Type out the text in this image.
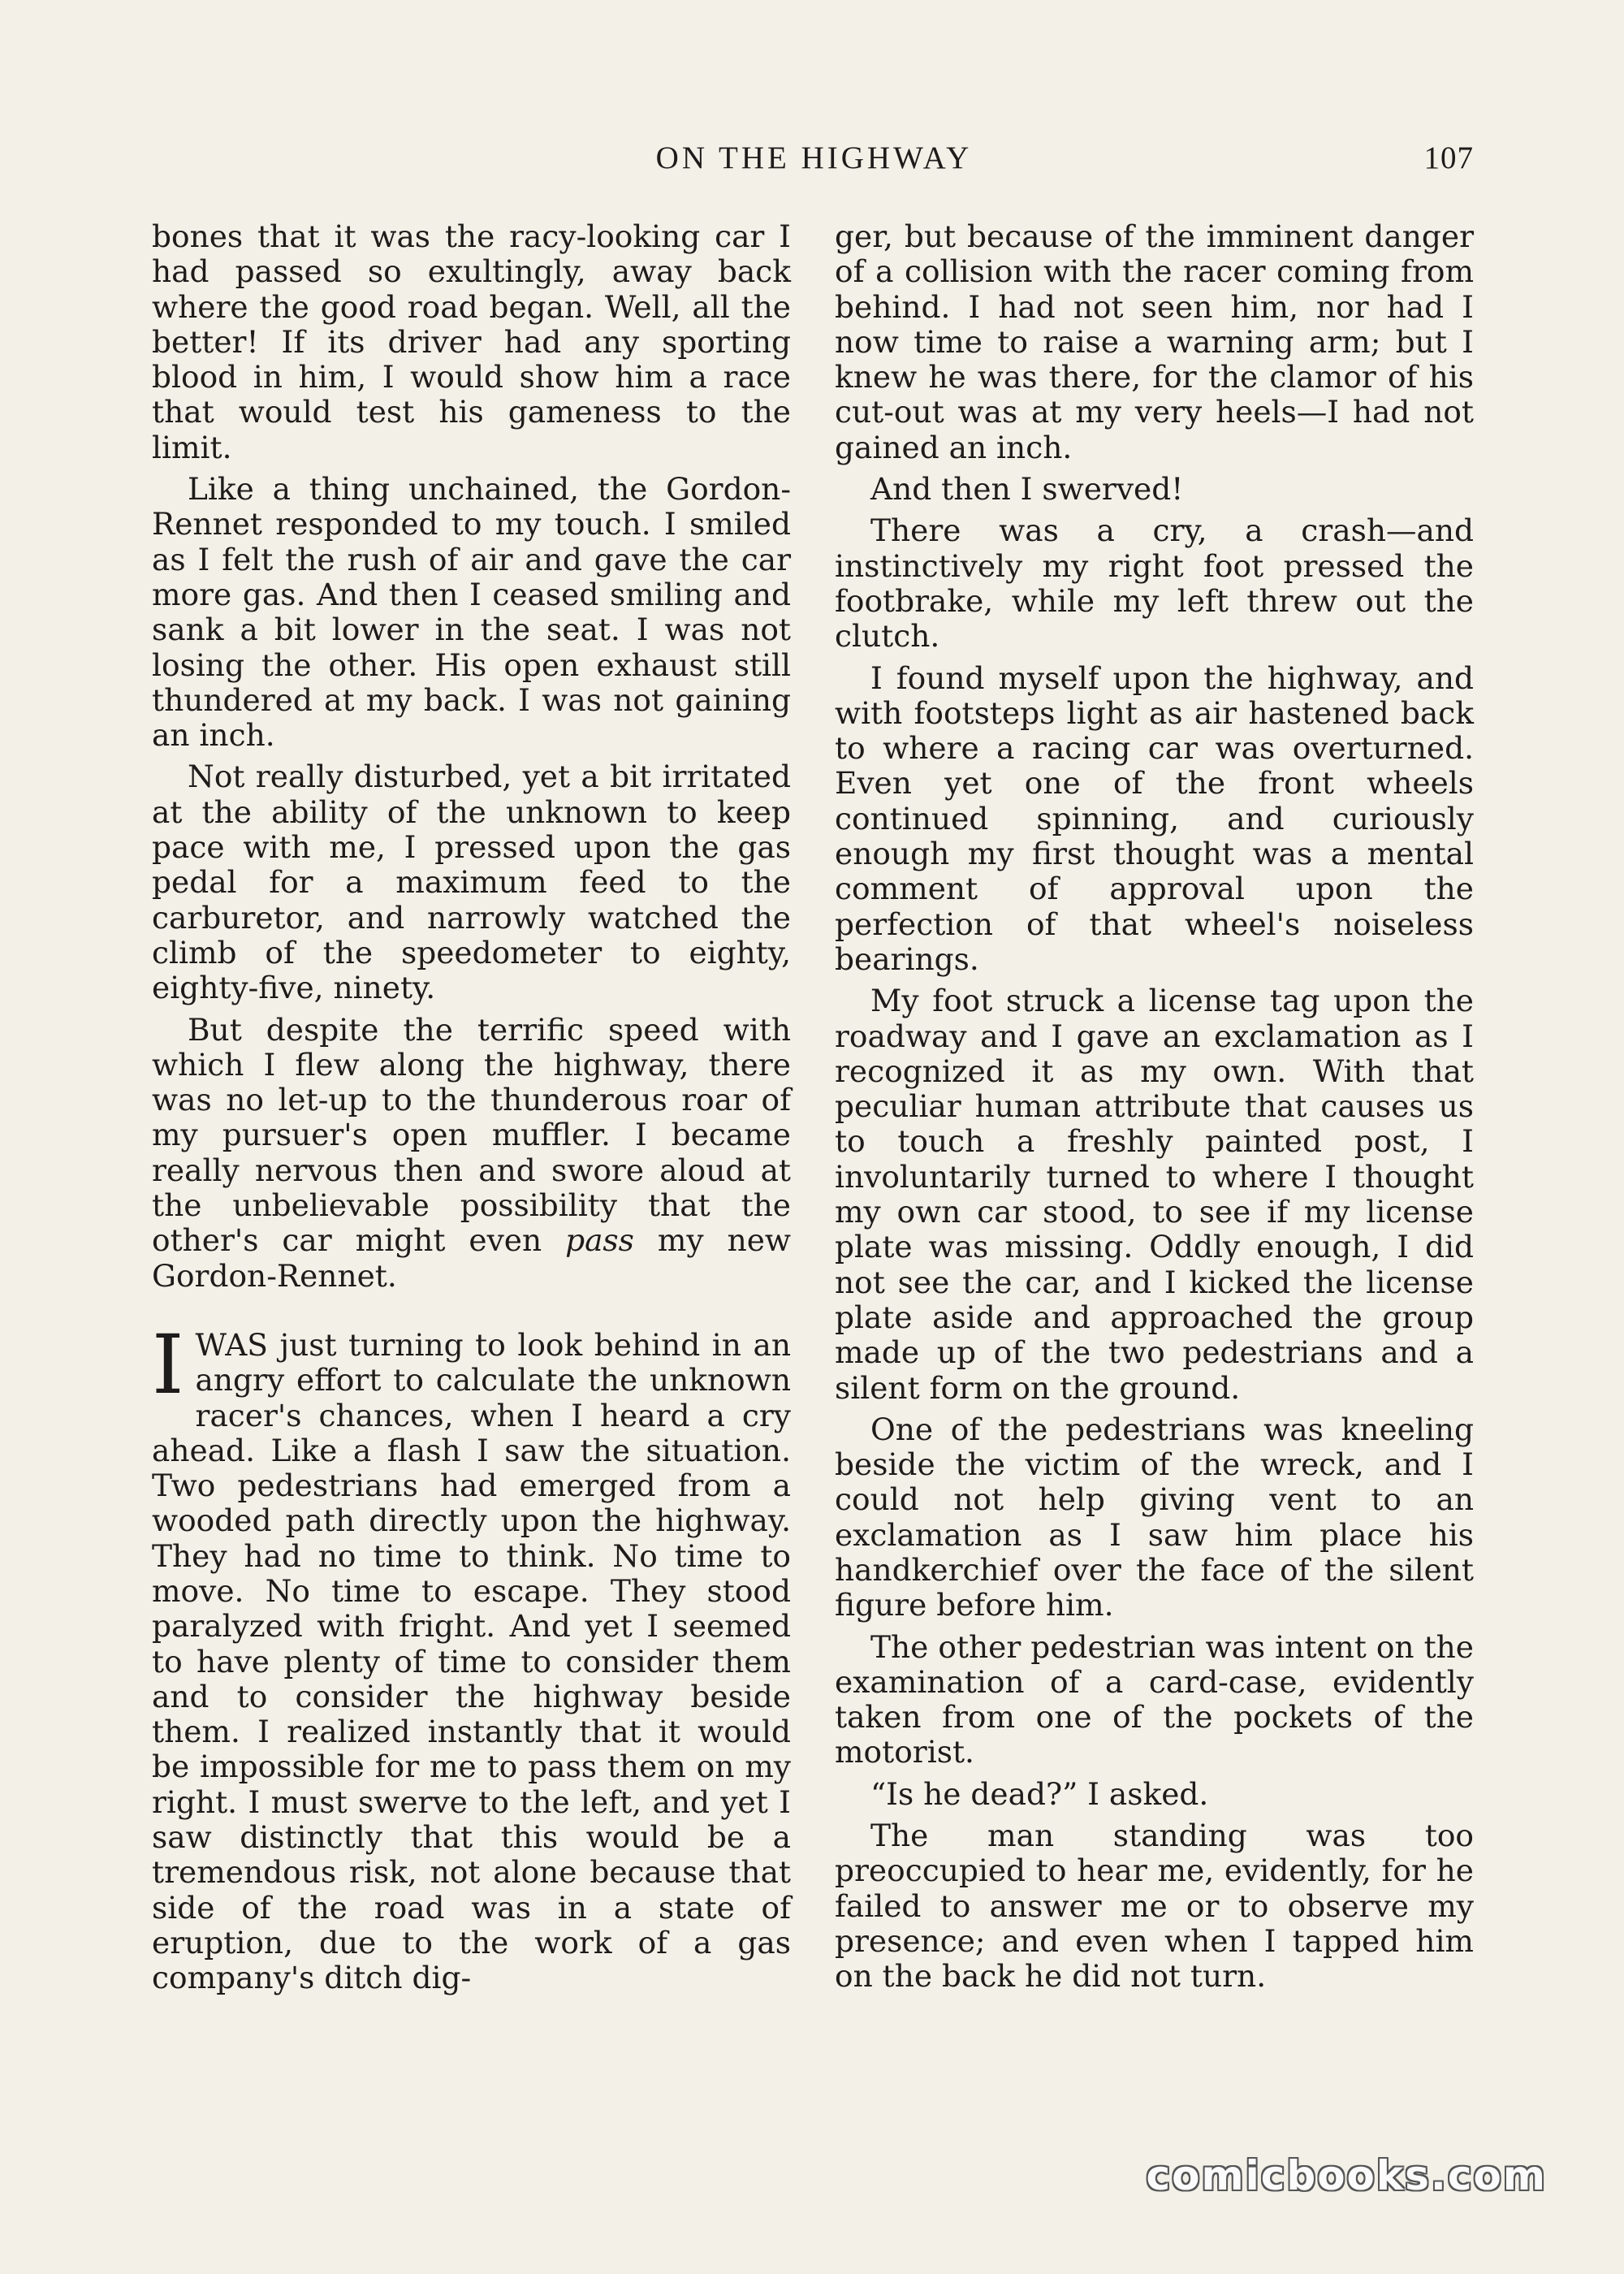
ON THE HIGHWAY	107

bones that it was the racy-looking car I had passed so exultingly, away back where the good road began. Well, all the better! If its driver had any sporting blood in him, I would show him a race that would test his gameness to the limit.

Like a thing unchained, the Gordon-Rennet responded to my touch. I smiled as I felt the rush of air and gave the car more gas. And then I ceased smiling and sank a bit lower in the seat. I was not losing the other. His open exhaust still thundered at my back. I was not gaining an inch.

Not really disturbed, yet a bit irritated at the ability of the unknown to keep pace with me, I pressed upon the gas pedal for a maximum feed to the carburetor, and narrowly watched the climb of the speedometer to eighty, eighty-five, ninety.

But despite the terrific speed with which I flew along the highway, there was no let-up to the thunderous roar of my pursuer's open muffler. I became really nervous then and swore aloud at the unbelievable possibility that the other's car might even pass my new Gordon-Rennet.

IWAS just turning to look behind in an angry effort to calculate the unknown racer's chances, when I heard a cry ahead. Like a flash I saw the situation. Two pedestrians had emerged from a wooded path directly upon the highway. They had no time to think. No time to move. No time to escape. They stood paralyzed with fright. And yet I seemed to have plenty of time to consider them and to consider the highway beside them. I realized instantly that it would be impossible for me to pass them on my right. I must swerve to the left, and yet I saw distinctly that this would be a tremendous risk, not alone because that side of the road was in a state of eruption, due to the work of a gas company's ditch dig-

ger, but because of the imminent danger of a collision with the racer coming from behind. I had not seen him, nor had I now time to raise a warning arm; but I knew he was there, for the clamor of his cut-out was at my very heels—I had not gained an inch.

And then I swerved!

There was a cry, a crash—and instinctively my right foot pressed the footbrake, while my left threw out the clutch.

I found myself upon the highway, and with footsteps light as air hastened back to where a racing car was overturned. Even yet one of the front wheels continued spinning, and curiously enough my first thought was a mental comment of approval upon the perfection of that wheel's noiseless bearings.

My foot struck a license tag upon the roadway and I gave an exclamation as I recognized it as my own. With that peculiar human attribute that causes us to touch a freshly painted post, I involuntarily turned to where I thought my own car stood, to see if my license plate was missing. Oddly enough, I did not see the car, and I kicked the license plate aside and approached the group made up of the two pedestrians and a silent form on the ground.

One of the pedestrians was kneeling beside the victim of the wreck, and I could not help giving vent to an exclamation as I saw him place his handkerchief over the face of the silent figure before him.

The other pedestrian was intent on the examination of a card-case, evidently taken from one of the pockets of the motorist.

“Is he dead?” I asked.

The man standing was too preoccupied to hear me, evidently, for he failed to answer me or to observe my presence; and even when I tapped him on the back he did not turn.

comicbooks.com
